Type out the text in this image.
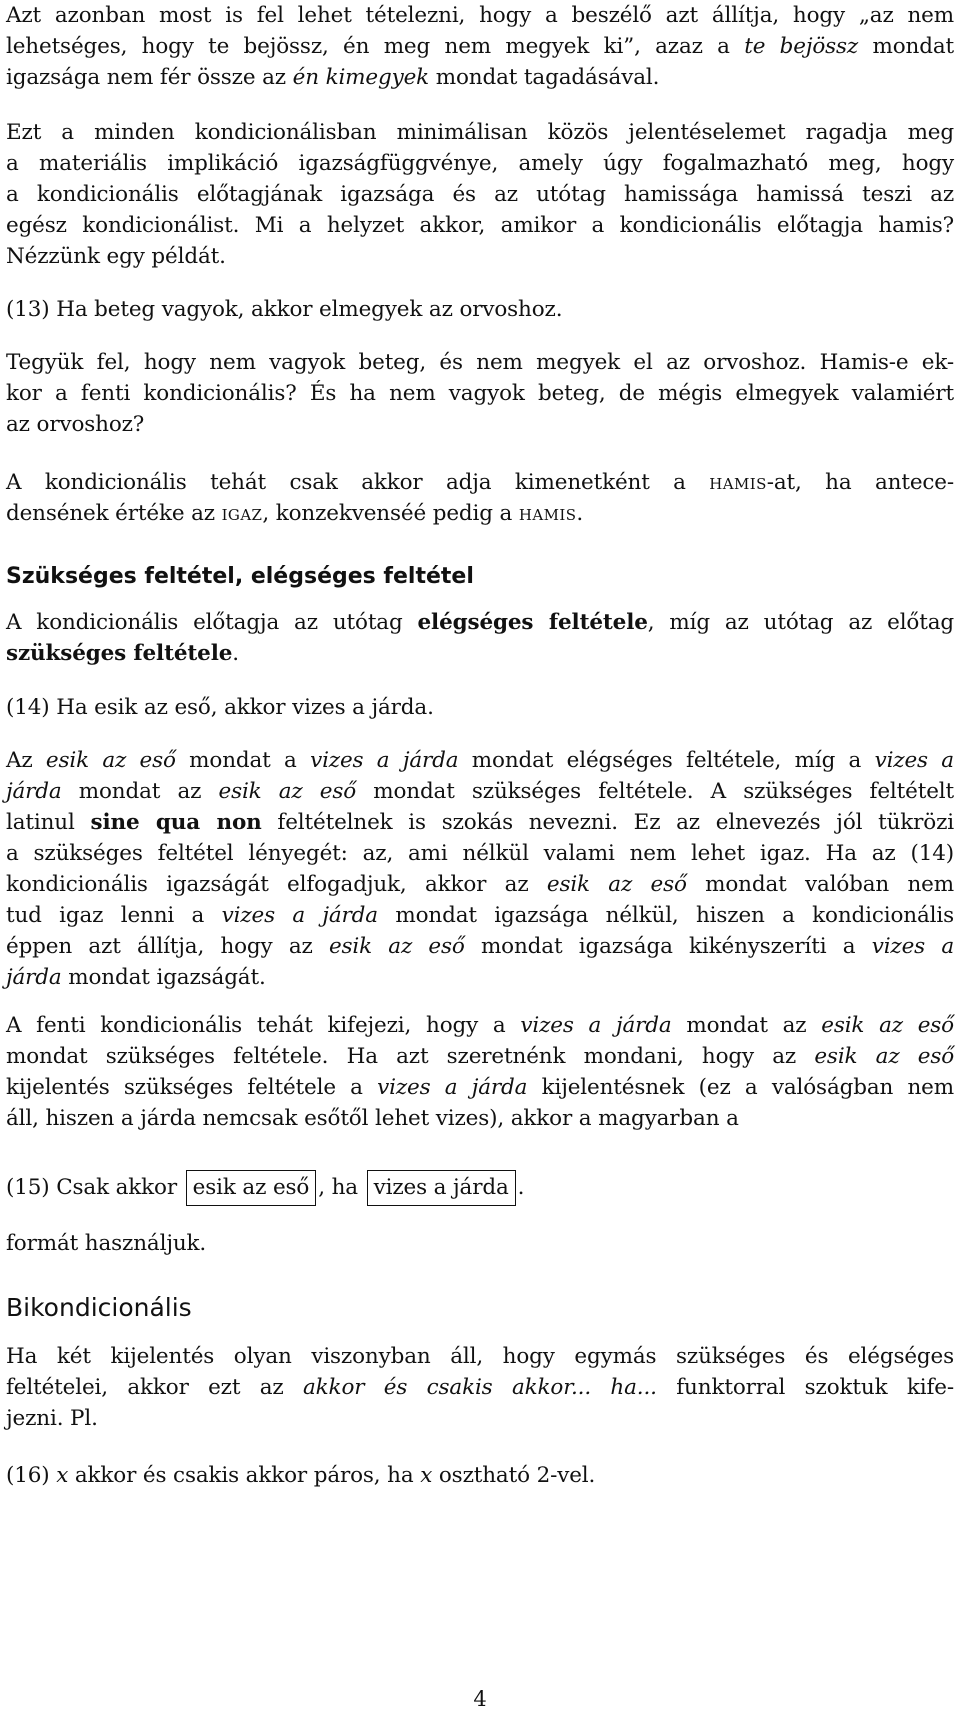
Azt azonban most is fel lehet tételezni, hogy a beszélő azt állítja, hogy „az nem
lehetséges, hogy te bejössz, én meg nem megyek ki”, azaz a te bejössz mondat
igazsága nem fér össze az én kimegyek mondat tagadásával.
Ezt a minden kondicionálisban minimálisan közös jelentéselemet ragadja meg
a materiális implikáció igazságfüggvénye, amely úgy fogalmazható meg, hogy
a kondicionális előtagjának igazsága és az utótag hamissága hamissá teszi az
egész kondicionálist. Mi a helyzet akkor, amikor a kondicionális előtagja hamis?
Nézzünk egy példát.
(13) Ha beteg vagyok, akkor elmegyek az orvoshoz.
Tegyük fel, hogy nem vagyok beteg, és nem megyek el az orvoshoz. Hamis-e ek-
kor a fenti kondicionális? És ha nem vagyok beteg, de mégis elmegyek valamiért
az orvoshoz?
A kondicionális tehát csak akkor adja kimenetként a hamis-at, ha antece-
densének értéke az igaz, konzekvenséé pedig a hamis.
Szükséges feltétel, elégséges feltétel
A kondicionális előtagja az utótag elégséges feltétele, míg az utótag az előtag
szükséges feltétele.
(14) Ha esik az eső, akkor vizes a járda.
Az esik az eső mondat a vizes a járda mondat elégséges feltétele, míg a vizes a
járda mondat az esik az eső mondat szükséges feltétele. A szükséges feltételt
latinul sine qua non feltételnek is szokás nevezni. Ez az elnevezés jól tükrözi
a szükséges feltétel lényegét: az, ami nélkül valami nem lehet igaz. Ha az (14)
kondicionális igazságát elfogadjuk, akkor az esik az eső mondat valóban nem
tud igaz lenni a vizes a járda mondat igazsága nélkül, hiszen a kondicionális
éppen azt állítja, hogy az esik az eső mondat igazsága kikényszeríti a vizes a
járda mondat igazságát.
A fenti kondicionális tehát kifejezi, hogy a vizes a járda mondat az esik az eső
mondat szükséges feltétele. Ha azt szeretnénk mondani, hogy az esik az eső
kijelentés szükséges feltétele a vizes a járda kijelentésnek (ez a valóságban nem
áll, hiszen a járda nemcsak esőtől lehet vizes), akkor a magyarban a
(15) Csak akkor esik az eső , ha vizes a járda .
formát használjuk.
Bikondicionális
Ha két kijelentés olyan viszonyban áll, hogy egymás szükséges és elégséges
feltételei, akkor ezt az akkor és csakis akkor... ha... funktorral szoktuk kife-
jezni. Pl.
(16) x akkor és csakis akkor páros, ha x osztható 2-vel.
4
